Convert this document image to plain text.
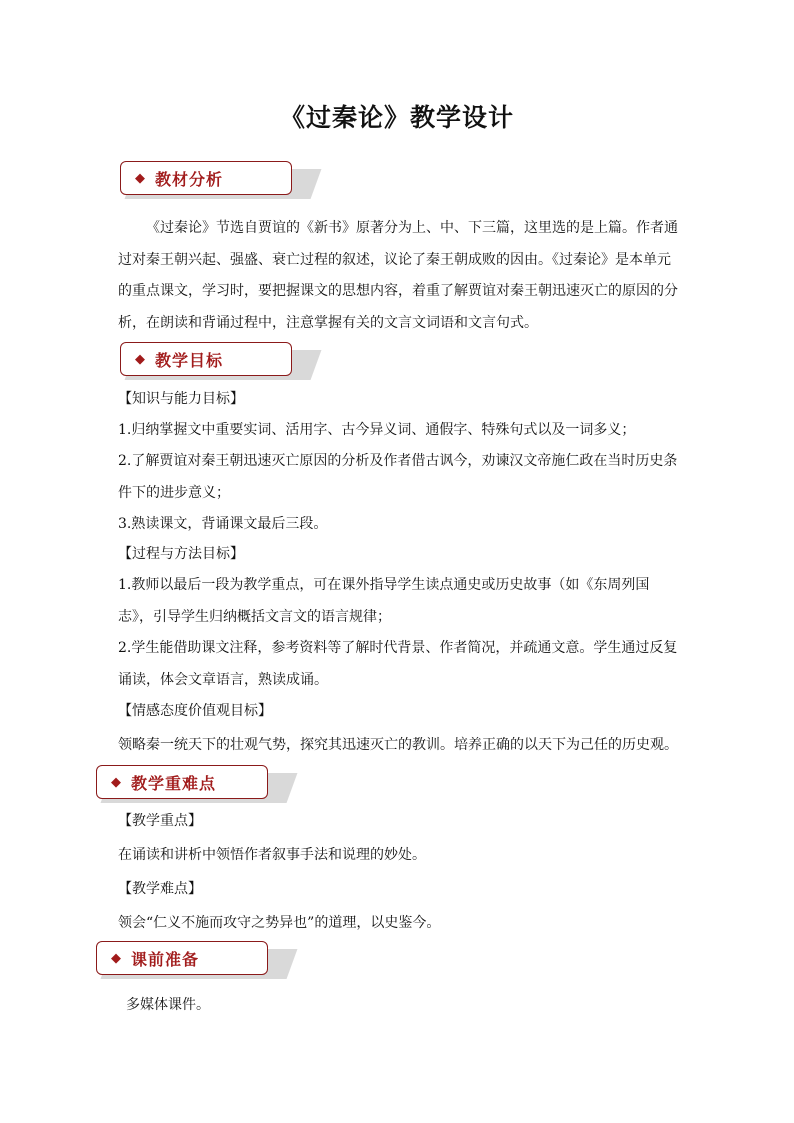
《过秦论》教学设计
◆ 教材分析

《过秦论》节选自贾谊的《新书》原著分为上、中、下三篇，这里选的是上篇。作者通过对秦王朝兴起、强盛、衰亡过程的叙述，议论了秦王朝成败的因由。《过秦论》是本单元的重点课文，学习时，要把握课文的思想内容，着重了解贾谊对秦王朝迅速灭亡的原因的分析，在朗读和背诵过程中，注意掌握有关的文言文词语和文言句式。

◆ 教学目标

【知识与能力目标】

1.归纳掌握文中重要实词、活用字、古今异义词、通假字、特殊句式以及一词多义；

2.了解贾谊对秦王朝迅速灭亡原因的分析及作者借古讽今，劝谏汉文帝施仁政在当时历史条件下的进步意义；

3.熟读课文，背诵课文最后三段。

【过程与方法目标】

1.教师以最后一段为教学重点，可在课外指导学生读点通史或历史故事（如《东周列国志》，引导学生归纳概括文言文的语言规律；

2.学生能借助课文注释，参考资料等了解时代背景、作者简况，并疏通文意。学生通过反复诵读，体会文章语言，熟读成诵。

【情感态度价值观目标】

领略秦一统天下的壮观气势，探究其迅速灭亡的教训。培养正确的以天下为己任的历史观。

◆ 教学重难点

【教学重点】

在诵读和讲析中领悟作者叙事手法和说理的妙处。

【教学难点】

领会“仁义不施而攻守之势异也”的道理，以史鉴今。

◆ 课前准备

多媒体课件。
